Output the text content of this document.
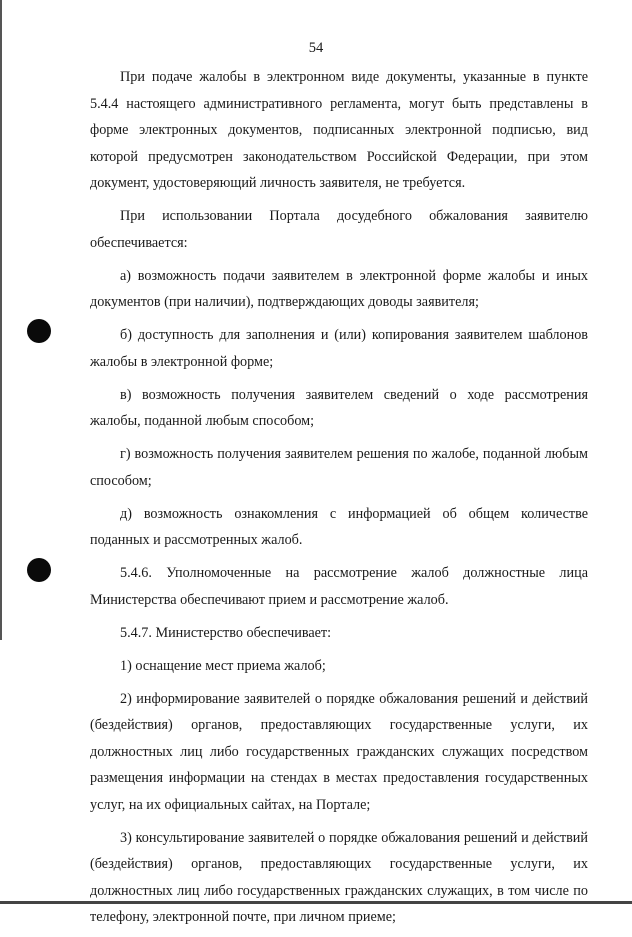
54

При подаче жалобы в электронном виде документы, указанные в пункте 5.4.4 настоящего административного регламента, могут быть представлены в форме электронных документов, подписанных электронной подписью, вид которой предусмотрен законодательством Российской Федерации, при этом документ, удостоверяющий личность заявителя, не требуется.

При использовании Портала досудебного обжалования заявителю обеспечивается:

а) возможность подачи заявителем в электронной форме жалобы и иных документов (при наличии), подтверждающих доводы заявителя;

б) доступность для заполнения и (или) копирования заявителем шаблонов жалобы в электронной форме;

в) возможность получения заявителем сведений о ходе рассмотрения жалобы, поданной любым способом;

г) возможность получения заявителем решения по жалобе, поданной любым способом;

д) возможность ознакомления с информацией об общем количестве поданных и рассмотренных жалоб.

5.4.6. Уполномоченные на рассмотрение жалоб должностные лица Министерства обеспечивают прием и рассмотрение жалоб.

5.4.7. Министерство обеспечивает:

1) оснащение мест приема жалоб;

2) информирование заявителей о порядке обжалования решений и действий (бездействия) органов, предоставляющих государственные услуги, их должностных лиц либо государственных гражданских служащих посредством размещения информации на стендах в местах предоставления государственных услуг, на их официальных сайтах, на Портале;

3) консультирование заявителей о порядке обжалования решений и действий (бездействия) органов, предоставляющих государственные услуги, их должностных лиц либо государственных гражданских служащих, в том числе по телефону, электронной почте, при личном приеме;
